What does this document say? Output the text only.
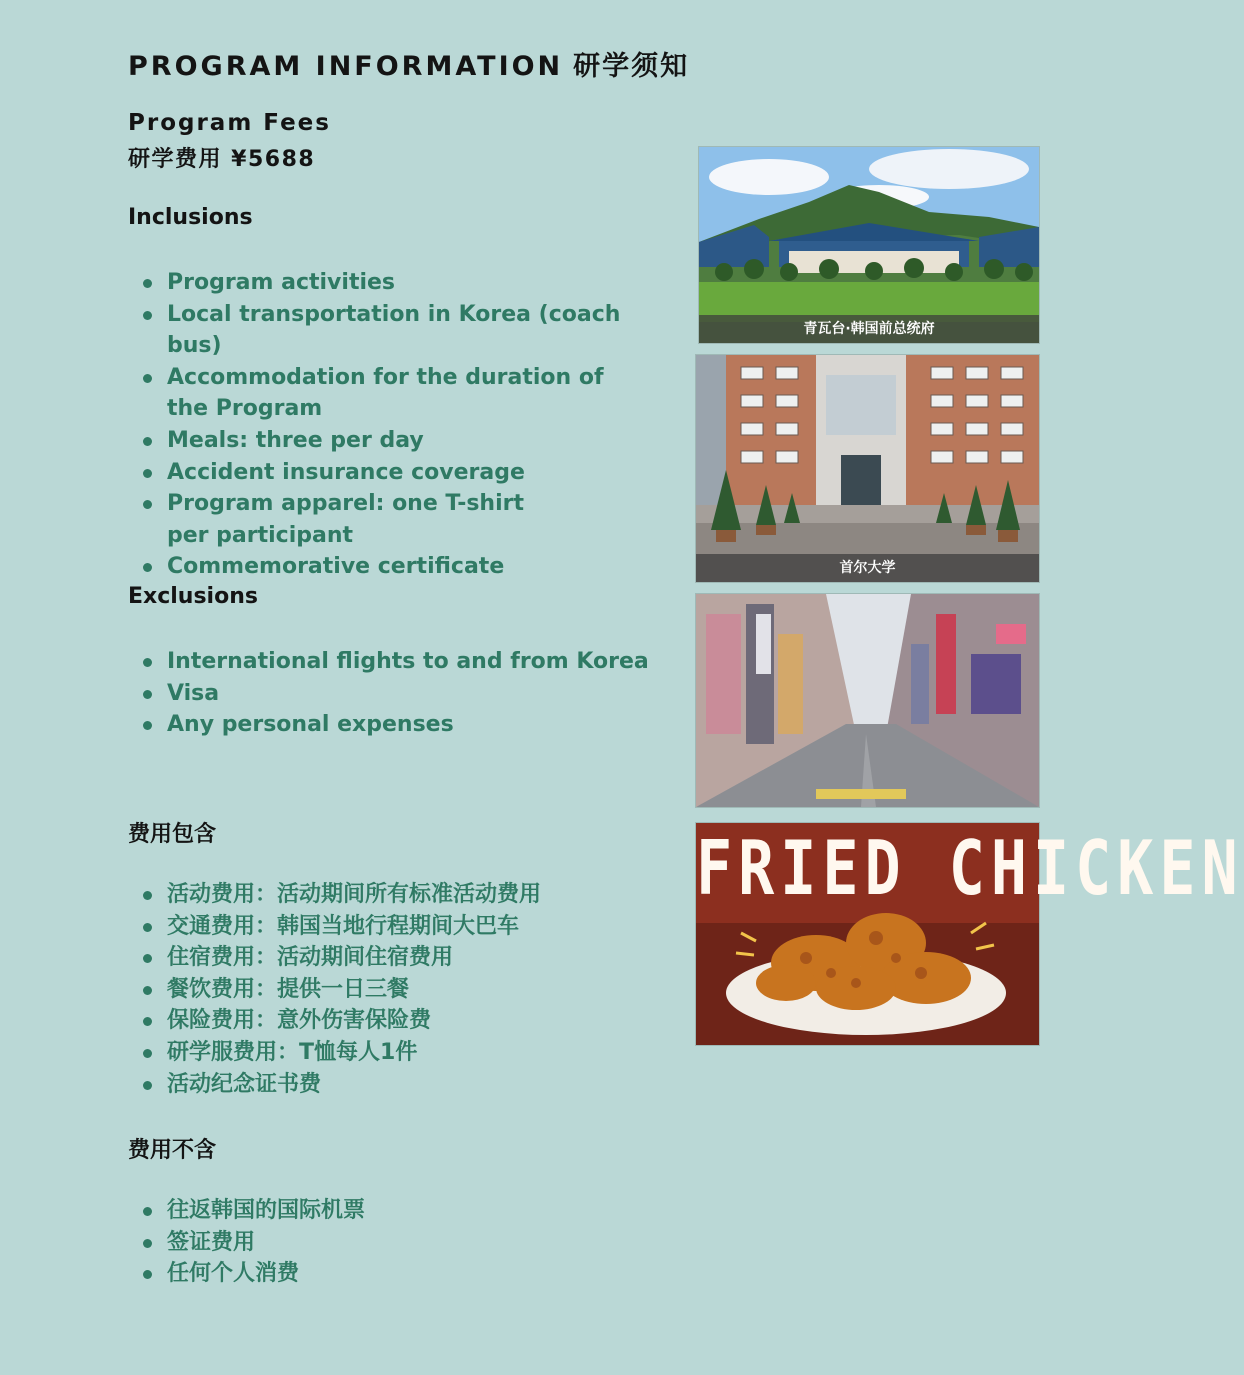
PROGRAM INFORMATION 研学须知

Program Fees

研学费用 ¥5688

Inclusions

Program activities
Local transportation in Korea (coach bus)
Accommodation for the duration of the Program
Meals: three per day
Accident insurance coverage
Program apparel: one T-shirt per participant
Commemorative certificate

Exclusions

International flights to and from Korea
Visa
Any personal expenses

费用包含

活动费用：活动期间所有标准活动费用
交通费用：韩国当地行程期间大巴车
住宿费用：活动期间住宿费用
餐饮费用：提供一日三餐
保险费用：意外伤害保险费
研学服费用：T恤每人1件
活动纪念证书费

费用不含

往返韩国的国际机票
签证费用
任何个人消费
青瓦台·韩国前总统府
首尔大学
FRIED CHICKEN
